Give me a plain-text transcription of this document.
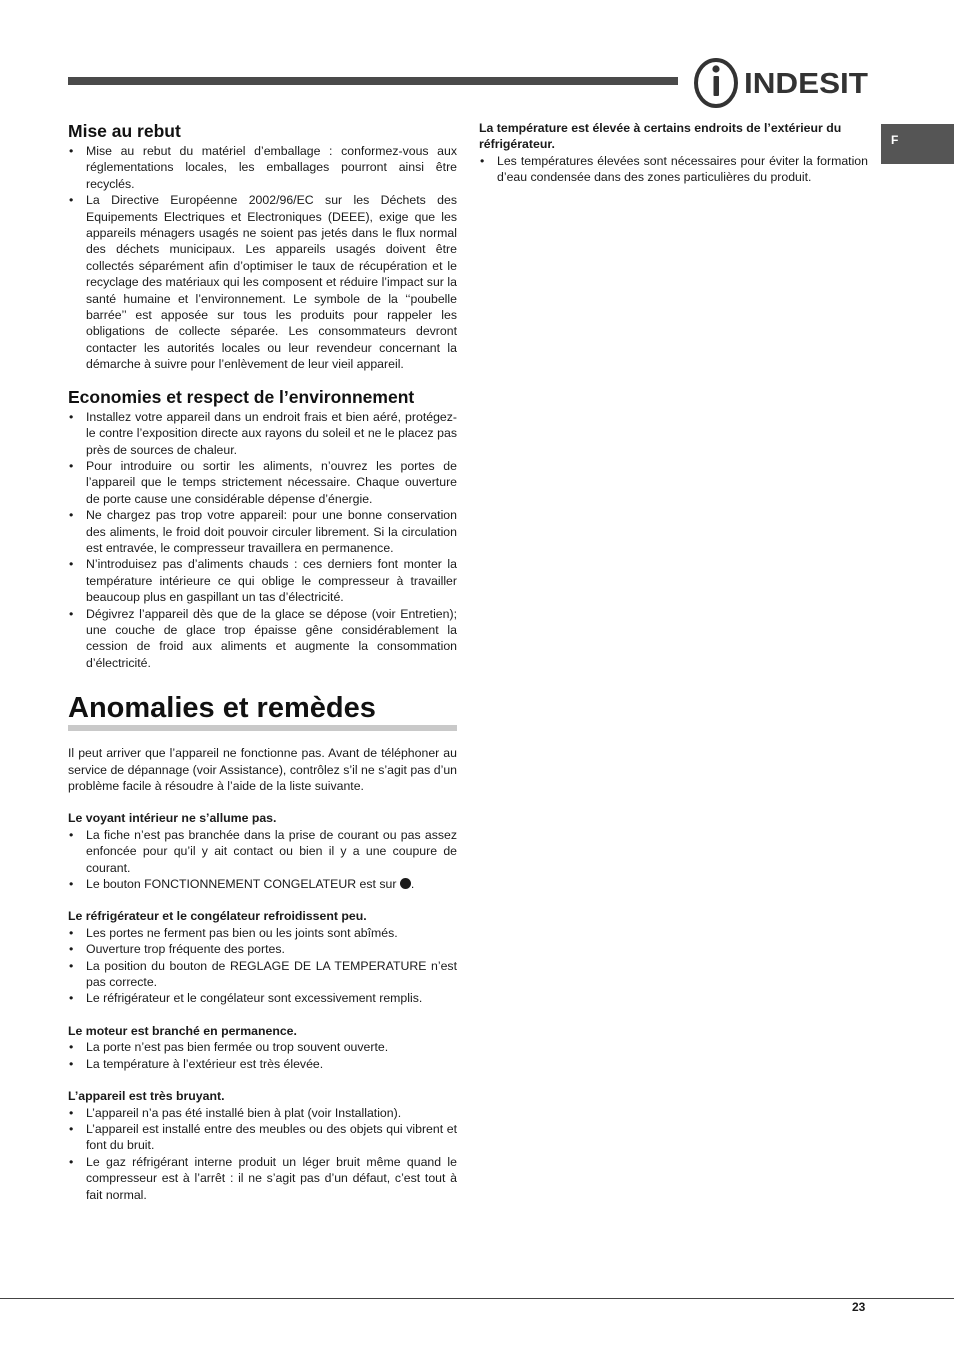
INDESIT
F
Mise au rebut
• Mise au rebut du matériel d’emballage : conformez-vous aux réglementations locales, les emballages pourront ainsi être recyclés.
• La Directive Européenne 2002/96/EC sur les Déchets des Equipements Electriques et Electroniques (DEEE), exige que les appareils ménagers usagés ne soient pas jetés dans le flux normal des déchets municipaux. Les appareils usagés doivent être collectés séparément afin d’optimiser le taux de récupération et le recyclage des matériaux qui les composent et réduire l’impact sur la santé humaine et l’environnement. Le symbole de la ‘‘poubelle barrée’’ est apposée sur tous les produits pour rappeler les obligations de collecte séparée. Les consommateurs devront contacter les autorités locales ou leur revendeur concernant la démarche à suivre pour l’enlèvement de leur vieil appareil.
Economies et respect de l’environnement
• Installez votre appareil dans un endroit frais et bien aéré, protégez-le contre l’exposition directe aux rayons du soleil et ne le placez pas près de sources de chaleur.
• Pour introduire ou sortir les aliments, n’ouvrez les portes de l’appareil que le temps strictement nécessaire. Chaque ouverture de porte cause une considérable dépense d’énergie.
• Ne chargez pas trop votre appareil: pour une bonne conservation des aliments, le froid doit pouvoir circuler librement. Si la circulation est entravée, le compresseur travaillera en permanence.
• N’introduisez pas d’aliments chauds : ces derniers font monter la température intérieure ce qui oblige le compresseur à travailler beaucoup plus en gaspillant un tas d’électricité.
• Dégivrez l’appareil dès que de la glace se dépose (voir Entretien); une couche de glace trop épaisse gêne considérablement la cession de froid aux aliments et augmente la consommation d’électricité.
Anomalies et remèdes

Il peut arriver que l’appareil ne fonctionne pas. Avant de téléphoner au service de dépannage (voir Assistance), contrôlez s’il ne s’agit pas d’un problème facile à résoudre à l’aide de la liste suivante.

Le voyant intérieur ne s’allume pas.

• La fiche n’est pas branchée dans la prise de courant ou pas assez enfoncée pour qu’il y ait contact ou bien il y a une coupure de courant.
• Le bouton FONCTIONNEMENT CONGELATEUR est sur .

Le réfrigérateur et le congélateur refroidissent peu.

• Les portes ne ferment pas bien ou les joints sont abîmés.
• Ouverture trop fréquente des portes.
• La position du bouton de REGLAGE DE LA TEMPERATURE n’est pas correcte.
• Le réfrigérateur et le congélateur sont excessivement remplis.

Le moteur est branché en permanence.

• La porte n’est pas bien fermée ou trop souvent ouverte.
• La température à l’extérieur est très élevée.

L’appareil est très bruyant.

• L’appareil n’a pas été installé bien à plat (voir Installation).
• L’appareil est installé entre des meubles ou des objets qui vibrent et font du bruit.
• Le gaz réfrigérant interne produit un léger bruit même quand le compresseur est à l’arrêt : il ne s’agit pas d’un défaut, c’est tout à fait normal.

La température est élevée à certains endroits de l’extérieur du réfrigérateur.

• Les températures élevées sont nécessaires pour éviter la formation d’eau condensée dans des zones particulières du produit.
23
